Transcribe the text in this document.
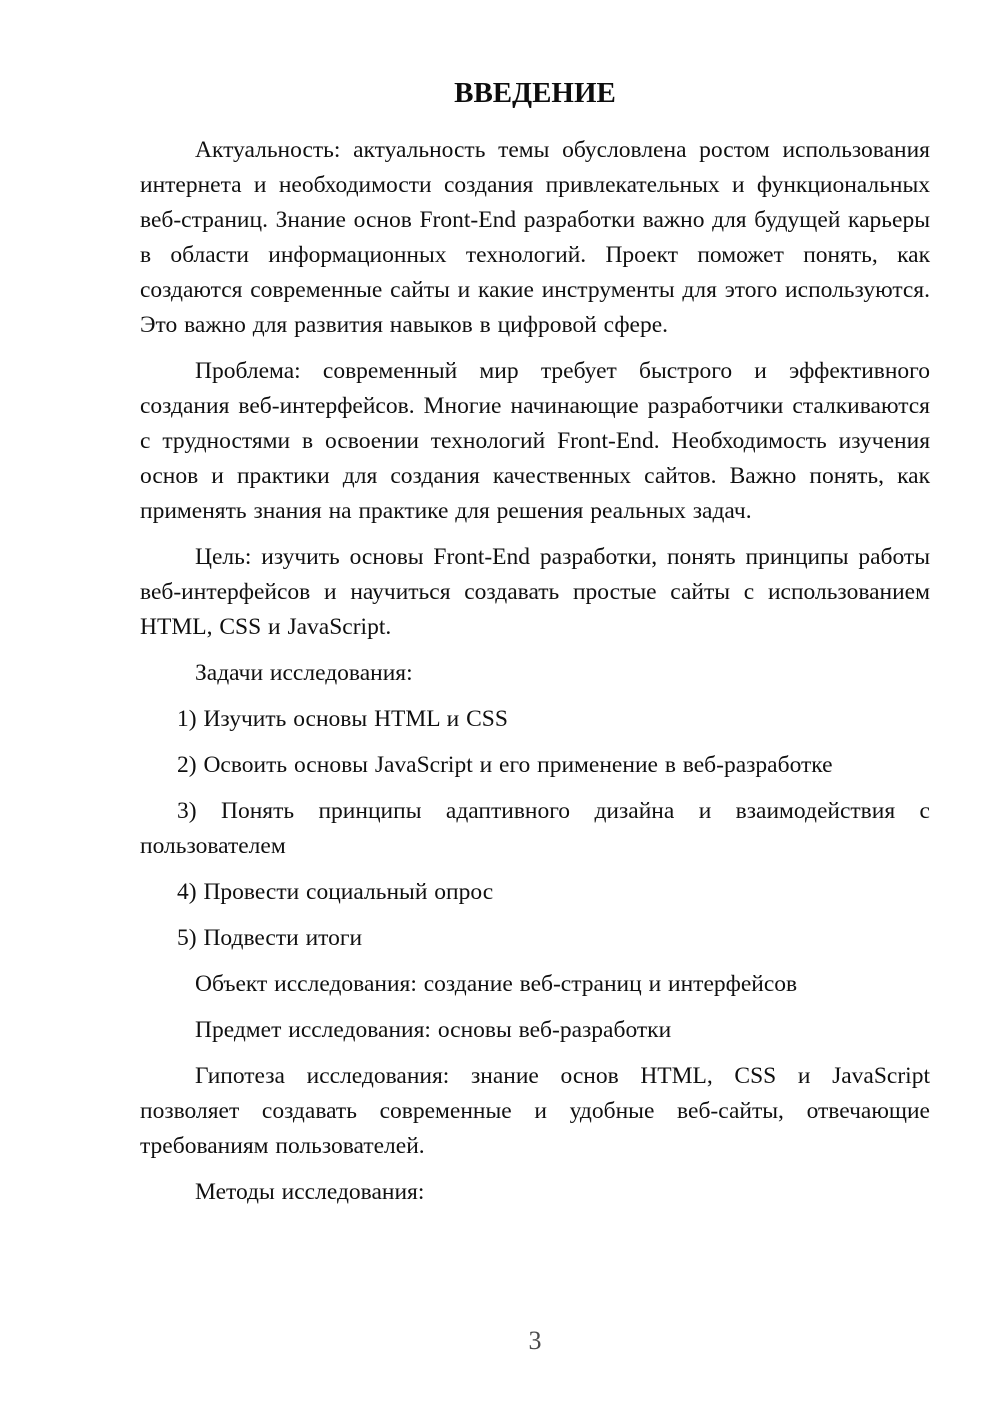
ВВЕДЕНИЕ

Актуальность: актуальность темы обусловлена ростом использования интернета и необходимости создания привлекательных и функциональных веб-страниц. Знание основ Front-End разработки важно для будущей карьеры в области информационных технологий. Проект поможет понять, как создаются современные сайты и какие инструменты для этого используются. Это важно для развития навыков в цифровой сфере.

Проблема: современный мир требует быстрого и эффективного создания веб-интерфейсов. Многие начинающие разработчики сталкиваются с трудностями в освоении технологий Front-End. Необходимость изучения основ и практики для создания качественных сайтов. Важно понять, как применять знания на практике для решения реальных задач.

Цель: изучить основы Front-End разработки, понять принципы работы веб-интерфейсов и научиться создавать простые сайты с использованием HTML, CSS и JavaScript.

Задачи исследования:

1) Изучить основы HTML и CSS

2) Освоить основы JavaScript и его применение в веб-разработке

3) Понять принципы адаптивного дизайна и взаимодействия с пользователем

4) Провести социальный опрос

5) Подвести итоги

Объект исследования: создание веб-страниц и интерфейсов

Предмет исследования: основы веб-разработки

Гипотеза исследования: знание основ HTML, CSS и JavaScript позволяет создавать современные и удобные веб-сайты, отвечающие требованиям пользователей.

Методы исследования:

3
